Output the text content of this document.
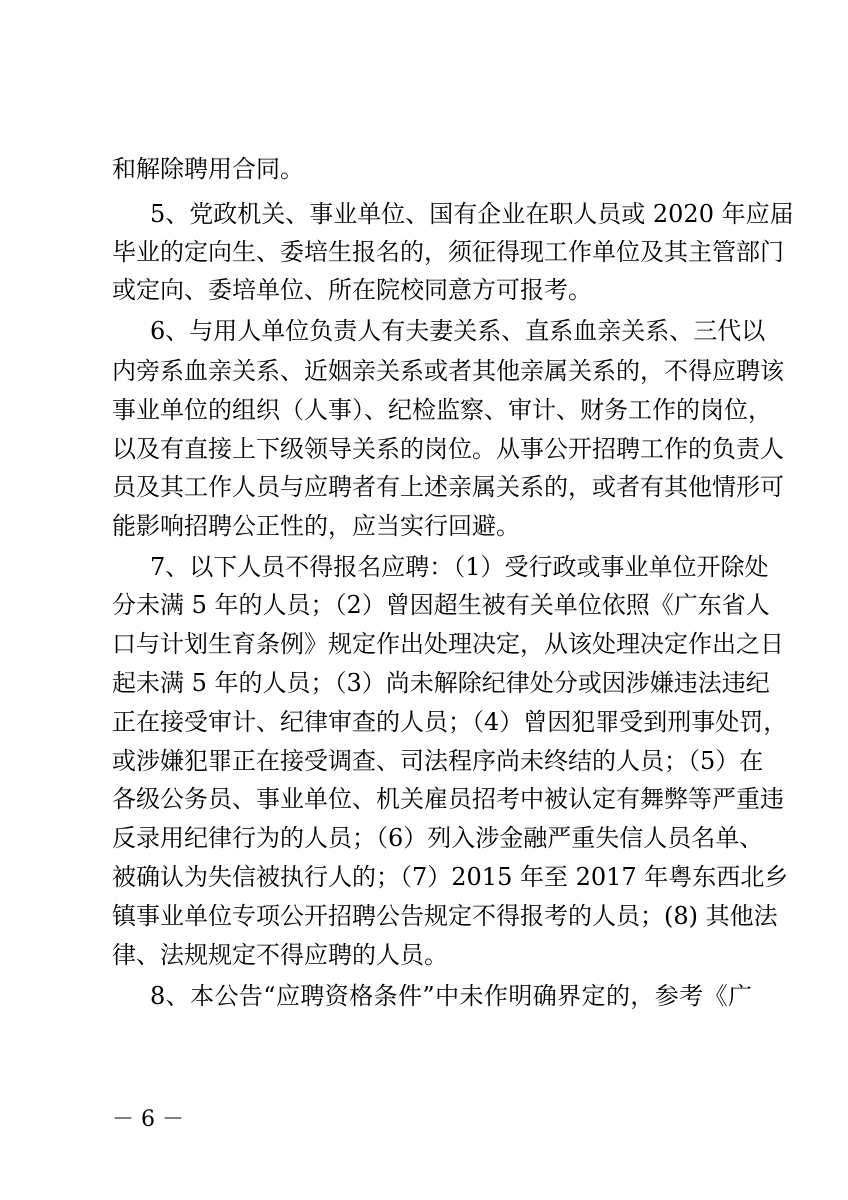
和解除聘用合同。
5、党政机关、事业单位、国有企业在职人员或 2020 年应届
毕业的定向生、委培生报名的，须征得现工作单位及其主管部门
或定向、委培单位、所在院校同意方可报考。
6、与用人单位负责人有夫妻关系、直系血亲关系、三代以
内旁系血亲关系、近姻亲关系或者其他亲属关系的，不得应聘该
事业单位的组织（人事）、纪检监察、审计、财务工作的岗位，
以及有直接上下级领导关系的岗位。从事公开招聘工作的负责人
员及其工作人员与应聘者有上述亲属关系的，或者有其他情形可
能影响招聘公正性的，应当实行回避。
7、以下人员不得报名应聘：（1）受行政或事业单位开除处
分未满 5 年的人员；（2）曾因超生被有关单位依照《广东省人
口与计划生育条例》规定作出处理决定，从该处理决定作出之日
起未满 5 年的人员；（3）尚未解除纪律处分或因涉嫌违法违纪
正在接受审计、纪律审查的人员；（4）曾因犯罪受到刑事处罚，
或涉嫌犯罪正在接受调查、司法程序尚未终结的人员；（5）在
各级公务员、事业单位、机关雇员招考中被认定有舞弊等严重违
反录用纪律行为的人员；（6）列入涉金融严重失信人员名单、
被确认为失信被执行人的；（7）2015 年至 2017 年粤东西北乡
镇事业单位专项公开招聘公告规定不得报考的人员；(8) 其他法
律、法规规定不得应聘的人员。
8、本公告“应聘资格条件”中未作明确界定的，参考《广
－ 6 －
